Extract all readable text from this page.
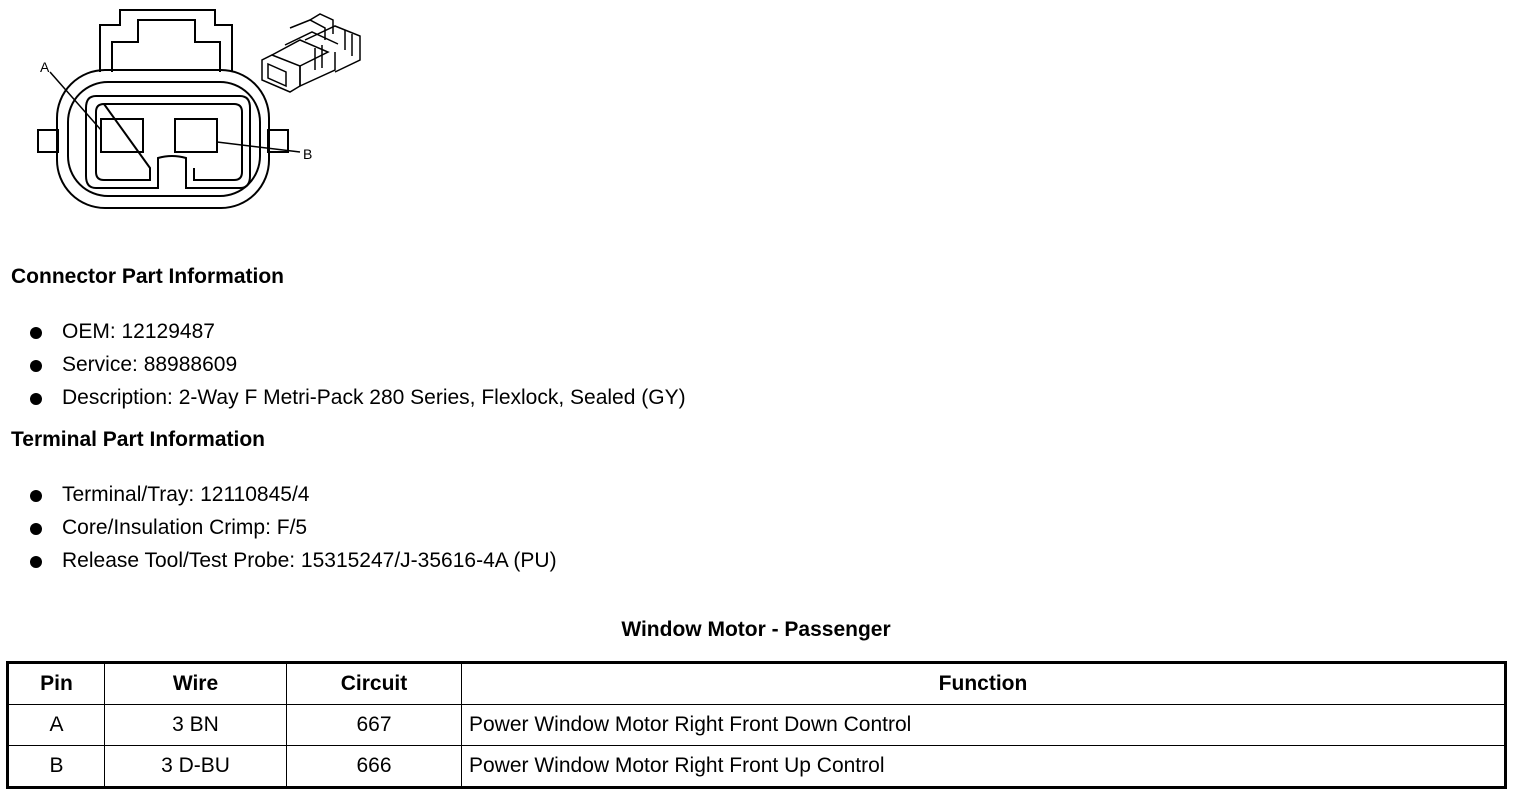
A
B
Connector Part Information
OEM: 12129487
Service: 88988609
Description: 2-Way F Metri-Pack 280 Series, Flexlock, Sealed (GY)
Terminal Part Information
Terminal/Tray: 12110845/4
Core/Insulation Crimp: F/5
Release Tool/Test Probe: 15315247/J-35616-4A (PU)
Window Motor - Passenger
Pin	Wire	Circuit	Function
A	3 BN	667	Power Window Motor Right Front Down Control
B	3 D-BU	666	Power Window Motor Right Front Up Control
